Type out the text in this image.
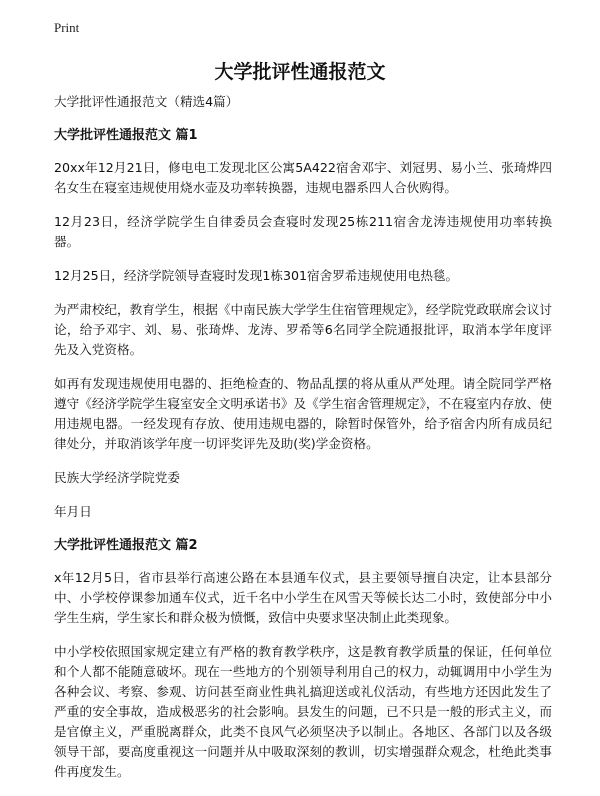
Print
大学批评性通报范文

大学批评性通报范文（精选4篇）

大学批评性通报范文 篇1

20xx年12月21日，修电电工发现北区公寓5A422宿舍邓宇、刘冠男、易小兰、张琦烨四名女生在寝室违规使用烧水壶及功率转换器，违规电器系四人合伙购得。

12月23日，经济学院学生自律委员会查寝时发现25栋211宿舍龙涛违规使用功率转换器。

12月25日，经济学院领导查寝时发现1栋301宿舍罗希违规使用电热毯。

为严肃校纪，教育学生，根据《中南民族大学学生住宿管理规定》，经学院党政联席会议讨论，给予邓宇、刘、易、张琦烨、龙涛、罗希等6名同学全院通报批评，取消本学年度评先及入党资格。

如再有发现违规使用电器的、拒绝检查的、物品乱摆的将从重从严处理。请全院同学严格遵守《经济学院学生寝室安全文明承诺书》及《学生宿舍管理规定》，不在寝室内存放、使用违规电器。一经发现有存放、使用违规电器的，除暂时保管外，给予宿舍内所有成员纪律处分，并取消该学年度一切评奖评先及助(奖)学金资格。

民族大学经济学院党委

年月日

大学批评性通报范文 篇2

x年12月5日，省市县举行高速公路在本县通车仪式，县主要领导擅自决定，让本县部分中、小学校停课参加通车仪式，近千名中小学生在风雪天等候长达二小时，致使部分中小学生生病，学生家长和群众极为愤慨，致信中央要求坚决制止此类现象。

中小学校依照国家规定建立有严格的教育教学秩序，这是教育教学质量的保证，任何单位和个人都不能随意破坏。现在一些地方的个别领导利用自己的权力，动辄调用中小学生为各种会议、考察、参观、访问甚至商业性典礼搞迎送或礼仪活动，有些地方还因此发生了严重的安全事故，造成极恶劣的社会影响。县发生的问题，已不只是一般的形式主义，而是官僚主义，严重脱离群众，此类不良风气必须坚决予以制止。各地区、各部门以及各级领导干部，要高度重视这一问题并从中吸取深刻的教训，切实增强群众观念，杜绝此类事件再度发生。
